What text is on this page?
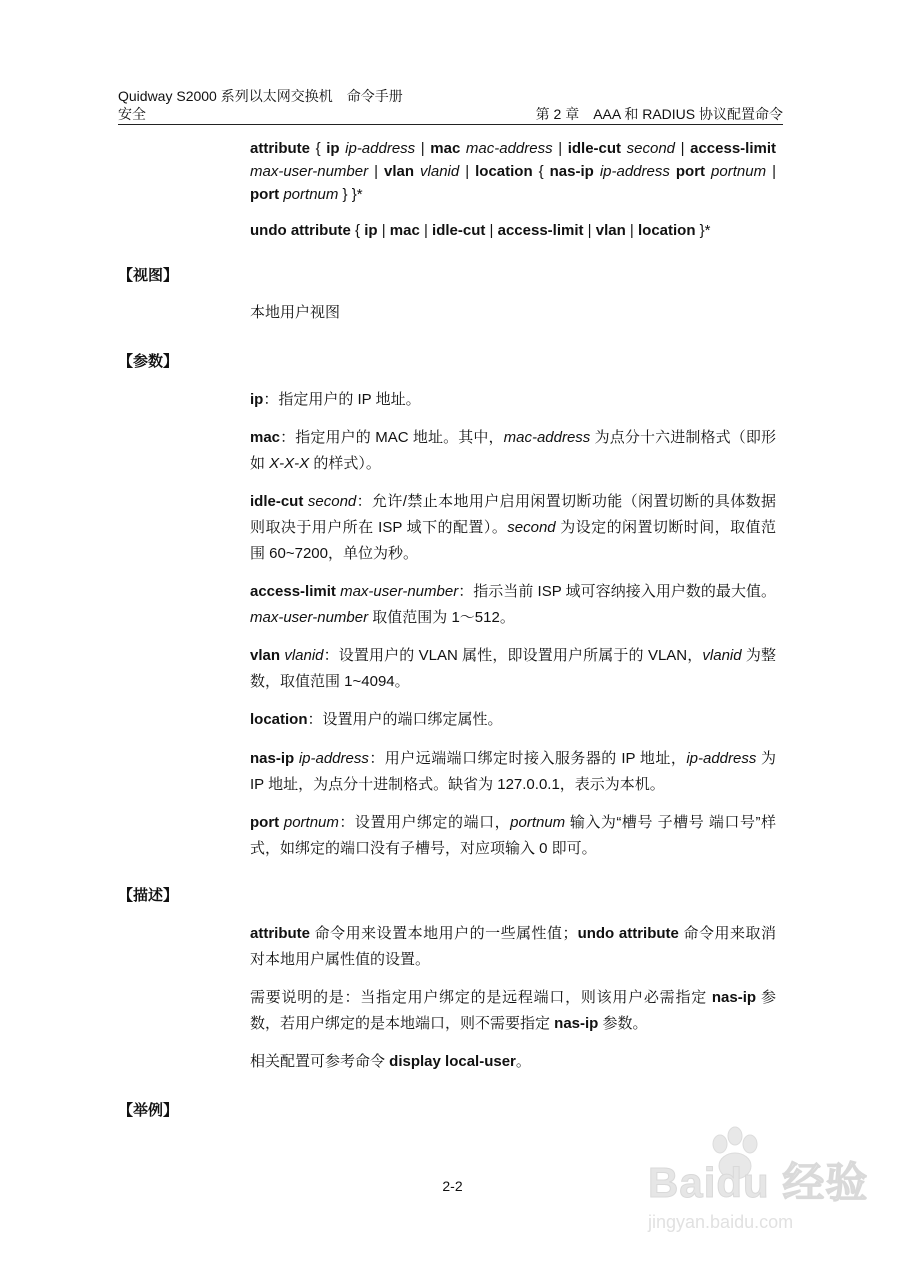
Quidway S2000 系列以太网交换机　命令手册
安全	第 2 章　AAA 和 RADIUS 协议配置命令
attribute { ip ip-address | mac mac-address | idle-cut second | access-limit max-user-number | vlan vlanid | location { nas-ip ip-address port portnum | port portnum } }*
undo attribute { ip | mac | idle-cut | access-limit | vlan | location }*
【视图】
本地用户视图
【参数】
ip：指定用户的 IP 地址。
mac：指定用户的 MAC 地址。其中，mac-address 为点分十六进制格式（即形如 X-X-X 的样式）。
idle-cut second：允许/禁止本地用户启用闲置切断功能（闲置切断的具体数据则取决于用户所在 ISP 域下的配置）。second 为设定的闲置切断时间，取值范围 60~7200，单位为秒。
access-limit max-user-number：指示当前 ISP 域可容纳接入用户数的最大值。max-user-number 取值范围为 1～512。
vlan vlanid：设置用户的 VLAN 属性，即设置用户所属于的 VLAN，vlanid 为整数，取值范围 1~4094。
location：设置用户的端口绑定属性。
nas-ip ip-address：用户远端端口绑定时接入服务器的 IP 地址，ip-address 为 IP 地址，为点分十进制格式。缺省为 127.0.0.1，表示为本机。
port portnum：设置用户绑定的端口，portnum 输入为“槽号 子槽号 端口号”样式，如绑定的端口没有子槽号，对应项输入 0 即可。
【描述】
attribute 命令用来设置本地用户的一些属性值；undo attribute 命令用来取消对本地用户属性值的设置。
需要说明的是：当指定用户绑定的是远程端口，则该用户必需指定 nas-ip 参数，若用户绑定的是本地端口，则不需要指定 nas-ip 参数。
相关配置可参考命令 display local-user。
【举例】
2-2	Baidu 经验
jingyan.baidu.com
